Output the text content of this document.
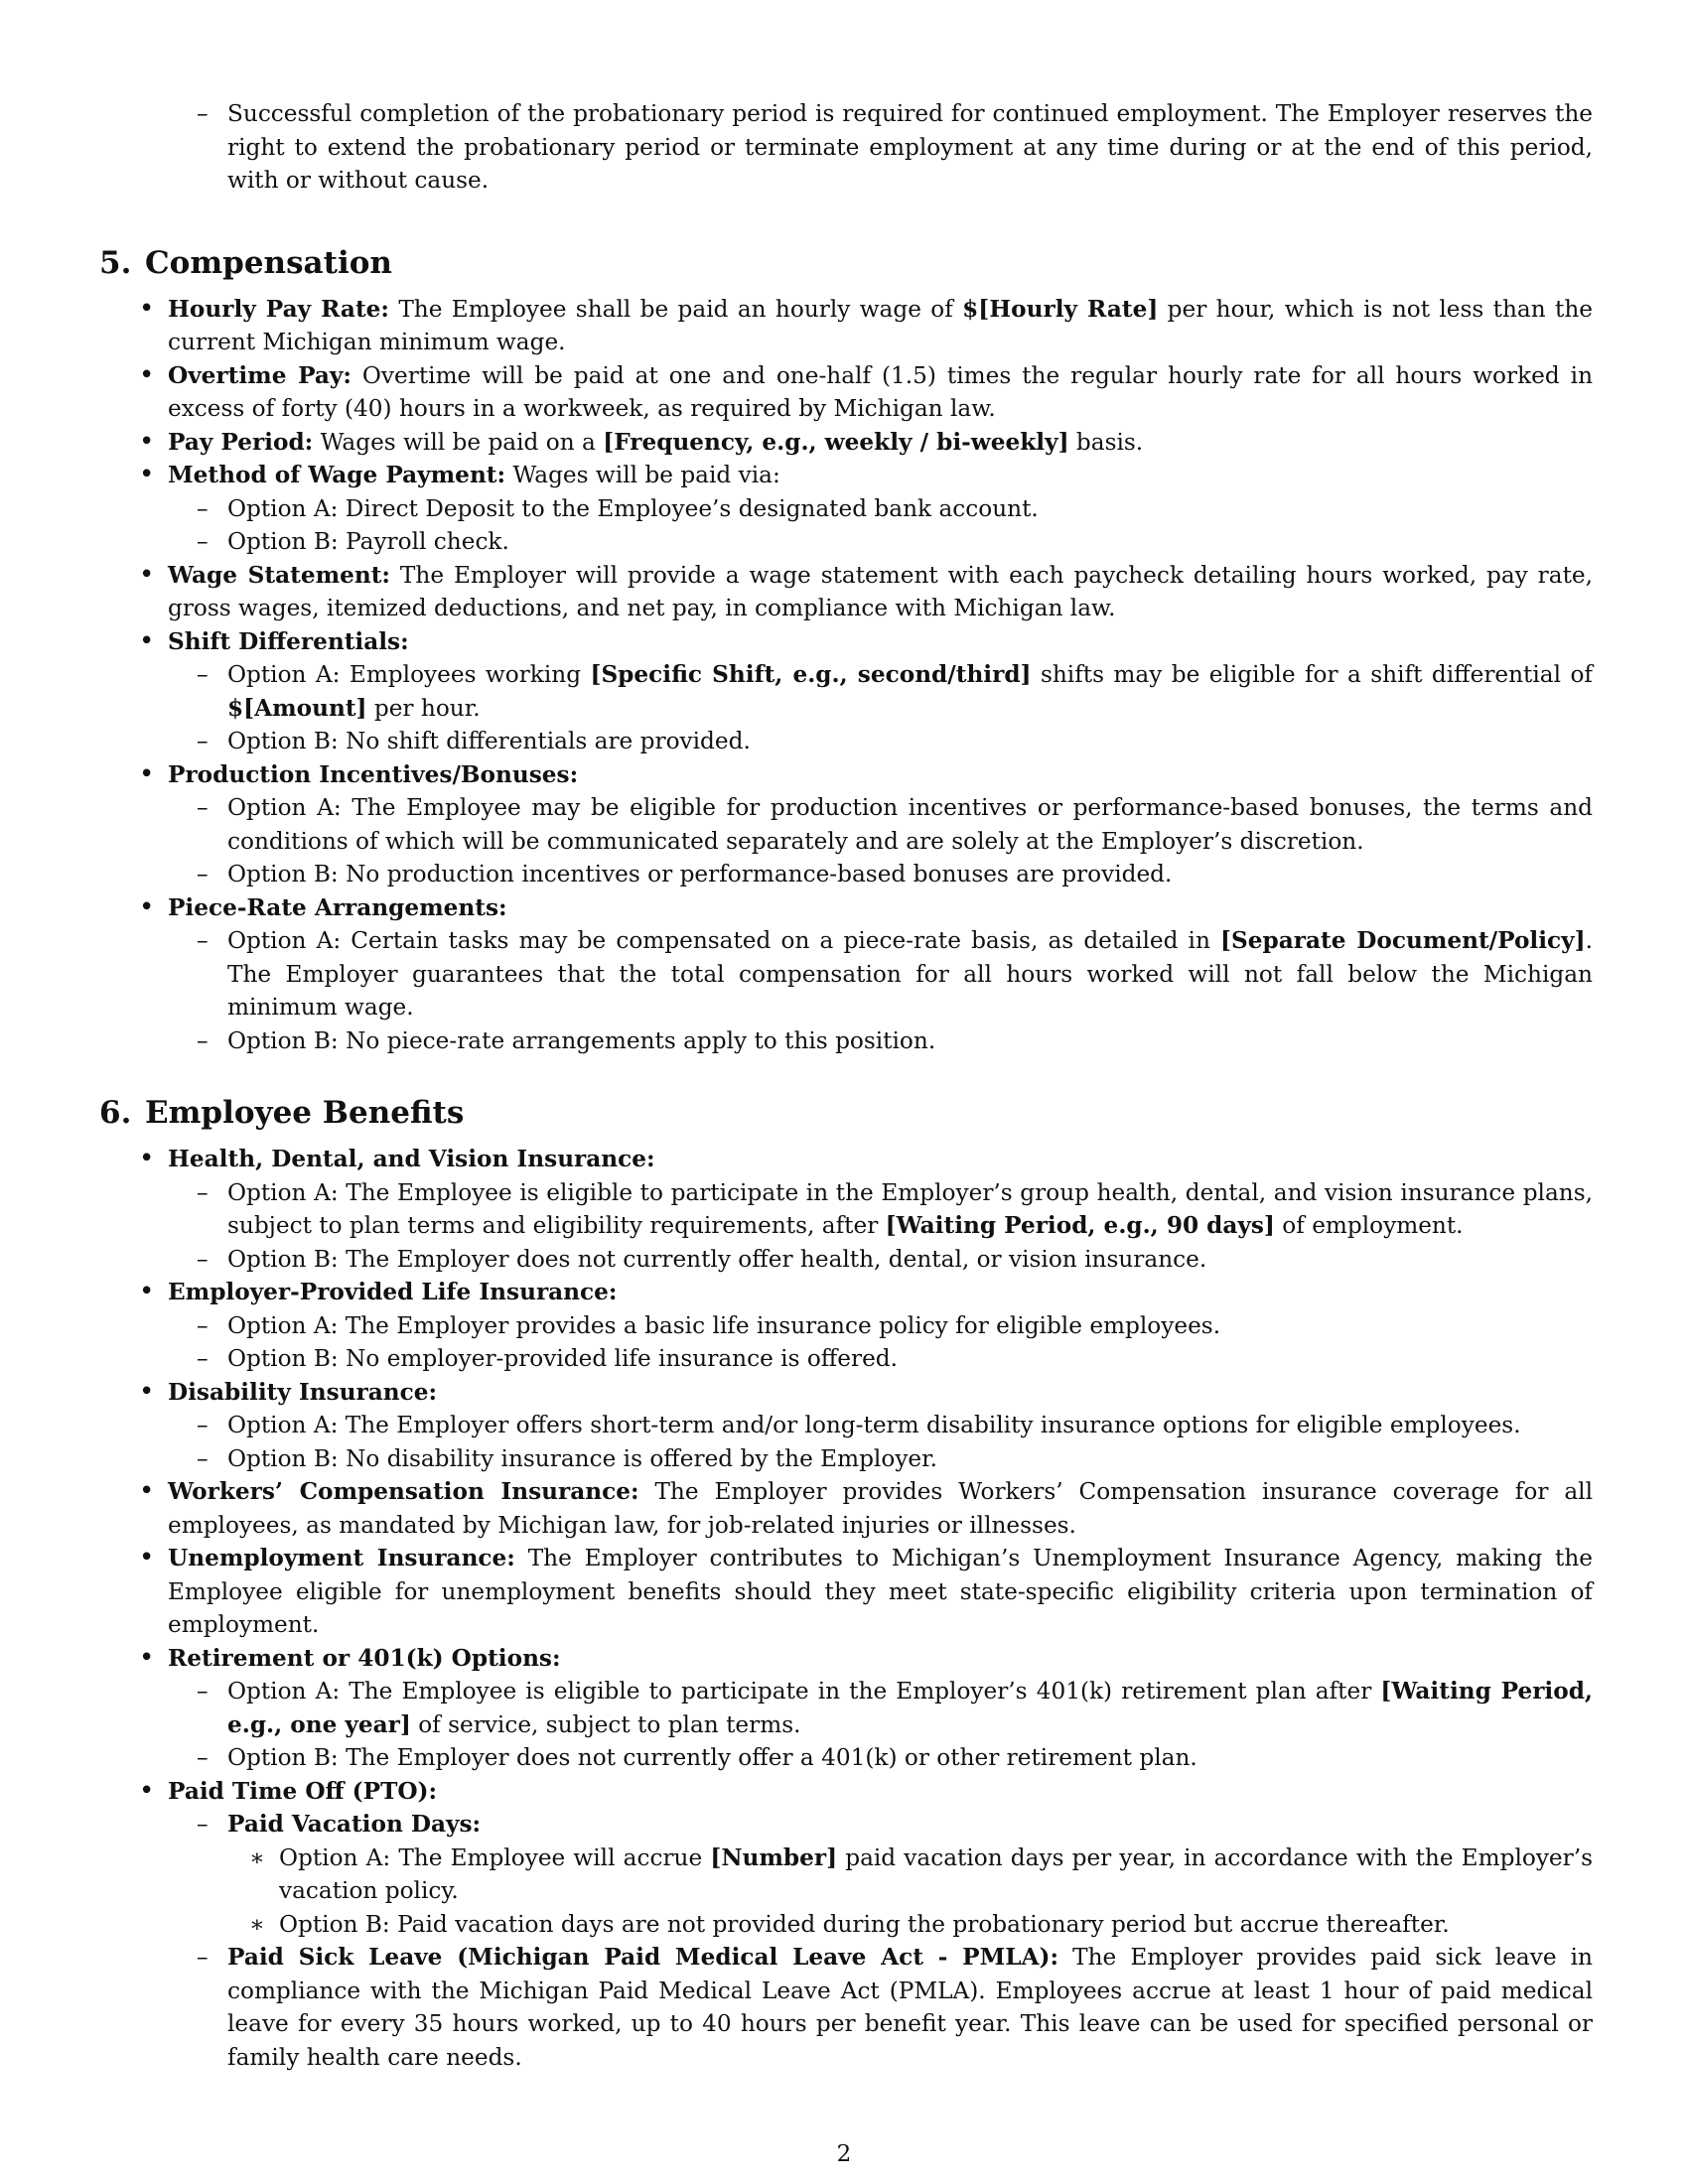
– Successful completion of the probationary period is required for continued employment. The Employer reserves the right to extend the probationary period or terminate employment at any time during or at the end of this period, with or without cause.

5. Compensation

• Hourly Pay Rate: The Employee shall be paid an hourly wage of $[Hourly Rate] per hour, which is not less than the current Michigan minimum wage.

• Overtime Pay: Overtime will be paid at one and one-half (1.5) times the regular hourly rate for all hours worked in excess of forty (40) hours in a workweek, as required by Michigan law.

• Pay Period: Wages will be paid on a [Frequency, e.g., weekly / bi-weekly] basis.

• Method of Wage Payment: Wages will be paid via:

– Option A: Direct Deposit to the Employee’s designated bank account.

– Option B: Payroll check.

• Wage Statement: The Employer will provide a wage statement with each paycheck detailing hours worked, pay rate, gross wages, itemized deductions, and net pay, in compliance with Michigan law.

• Shift Differentials:

– Option A: Employees working [Specific Shift, e.g., second/third] shifts may be eligible for a shift differential of $[Amount] per hour.

– Option B: No shift differentials are provided.

• Production Incentives/Bonuses:

– Option A: The Employee may be eligible for production incentives or performance-based bonuses, the terms and conditions of which will be communicated separately and are solely at the Employer’s discretion.

– Option B: No production incentives or performance-based bonuses are provided.

• Piece-Rate Arrangements:

– Option A: Certain tasks may be compensated on a piece-rate basis, as detailed in [Separate Document/Policy]. The Employer guarantees that the total compensation for all hours worked will not fall below the Michigan minimum wage.

– Option B: No piece-rate arrangements apply to this position.

6. Employee Benefits

• Health, Dental, and Vision Insurance:

– Option A: The Employee is eligible to participate in the Employer’s group health, dental, and vision insurance plans, subject to plan terms and eligibility requirements, after [Waiting Period, e.g., 90 days] of employment.

– Option B: The Employer does not currently offer health, dental, or vision insurance.

• Employer-Provided Life Insurance:

– Option A: The Employer provides a basic life insurance policy for eligible employees.

– Option B: No employer-provided life insurance is offered.

• Disability Insurance:

– Option A: The Employer offers short-term and/or long-term disability insurance options for eligible employees.

– Option B: No disability insurance is offered by the Employer.

• Workers’ Compensation Insurance: The Employer provides Workers’ Compensation insurance coverage for all employees, as mandated by Michigan law, for job-related injuries or illnesses.

• Unemployment Insurance: The Employer contributes to Michigan’s Unemployment Insurance Agency, making the Employee eligible for unemployment benefits should they meet state-specific eligibility criteria upon termination of employment.

• Retirement or 401(k) Options:

– Option A: The Employee is eligible to participate in the Employer’s 401(k) retirement plan after [Waiting Period, e.g., one year] of service, subject to plan terms.

– Option B: The Employer does not currently offer a 401(k) or other retirement plan.

• Paid Time Off (PTO):

– Paid Vacation Days:

∗ Option A: The Employee will accrue [Number] paid vacation days per year, in accordance with the Employer’s vacation policy.

∗ Option B: Paid vacation days are not provided during the probationary period but accrue thereafter.

– Paid Sick Leave (Michigan Paid Medical Leave Act - PMLA): The Employer provides paid sick leave in compliance with the Michigan Paid Medical Leave Act (PMLA). Employees accrue at least 1 hour of paid medical leave for every 35 hours worked, up to 40 hours per benefit year. This leave can be used for specified personal or family health care needs.

2
